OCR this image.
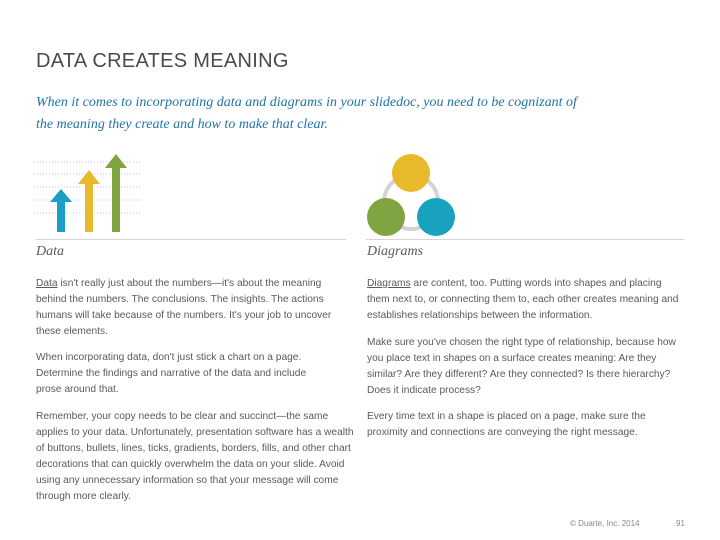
DATA CREATES MEANING
When it comes to incorporating data and diagrams in your slidedoc, you need to be cognizant of the meaning they create and how to make that clear.
Data	Diagrams

Data isn't really just about the numbers—it's about the meaning behind the numbers. The conclusions. The insights. The actions humans will take because of the numbers. It's your job to uncover these elements.

When incorporating data, don't just stick a chart on a page. Determine the findings and narrative of the data and include prose around that.

Remember, your copy needs to be clear and succinct—the same applies to your data. Unfortunately, presentation software has a wealth of buttons, bullets, lines, ticks, gradients, borders, fills, and other chart decorations that can quickly overwhelm the data on your slide. Avoid using any unnecessary information so that your message will come through more clearly.

Diagrams are content, too. Putting words into shapes and placing them next to, or connecting them to, each other creates meaning and establishes relationships between the information.

Make sure you've chosen the right type of relationship, because how you place text in shapes on a surface creates meaning: Are they similar? Are they different? Are they connected? Is there hierarchy? Does it indicate process?

Every time text in a shape is placed on a page, make sure the proximity and connections are conveying the right message.

© Duarte, Inc. 2014	91
